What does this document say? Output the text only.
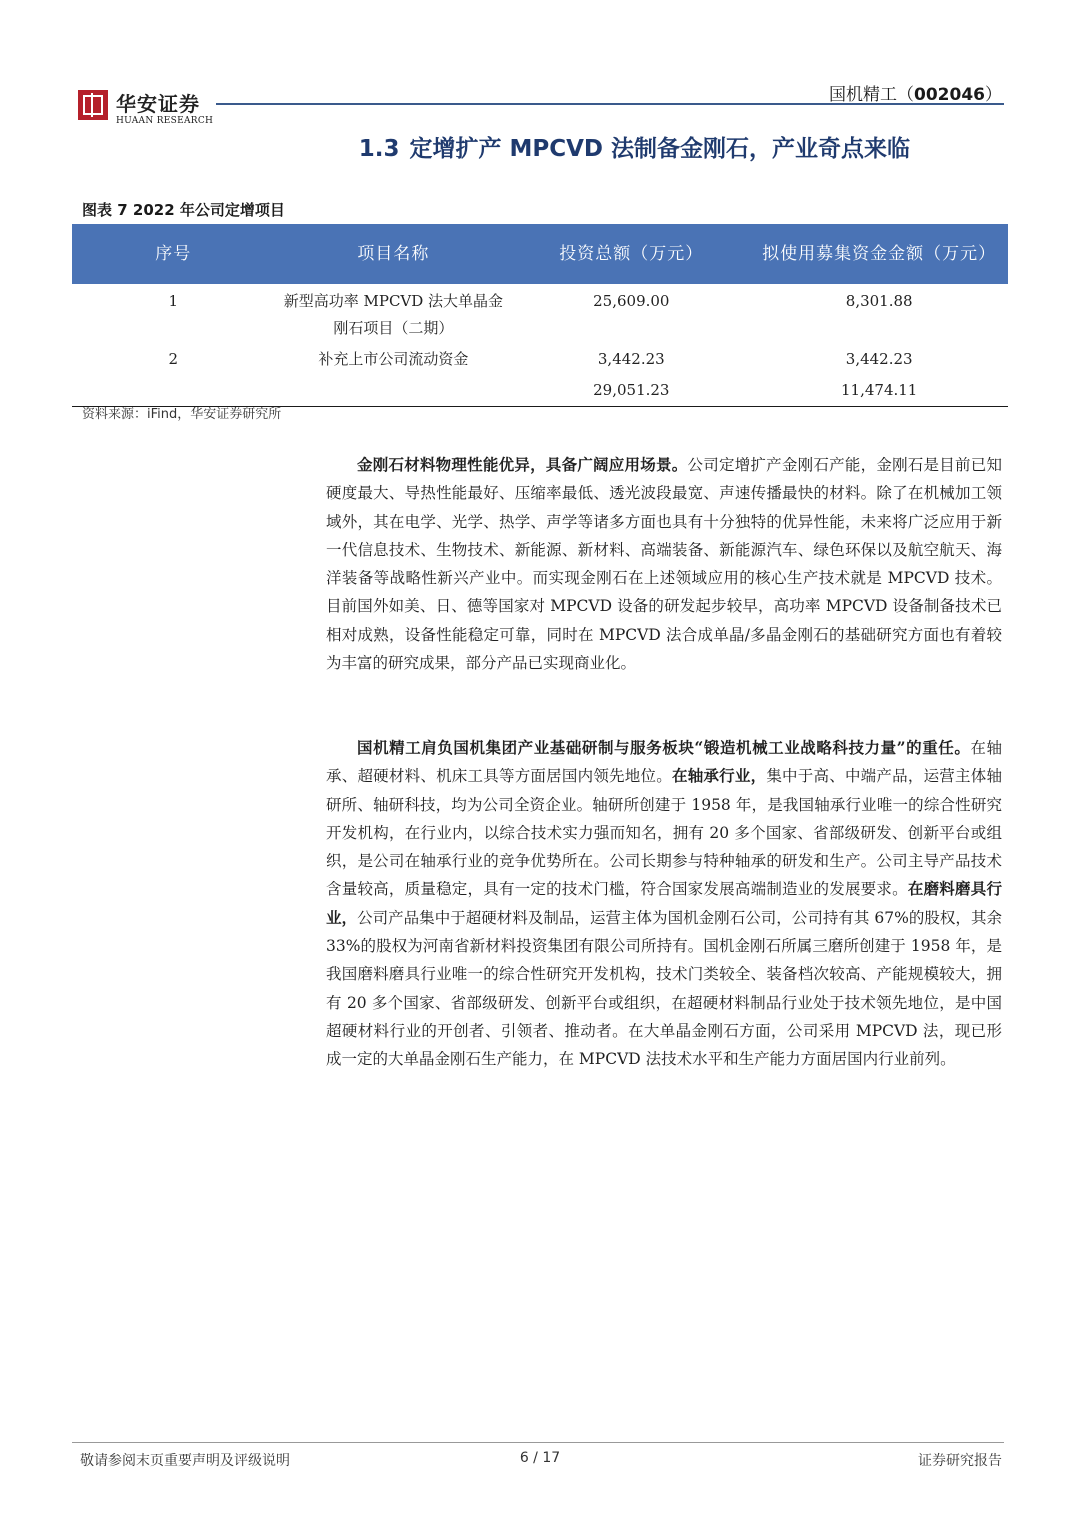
华安证券
HUAAN RESEARCH
国机精工（002046）
1.3 定增扩产 MPCVD 法制备金刚石，产业奇点来临
图表 7 2022 年公司定增项目
序号	项目名称	投资总额（万元）	拟使用募集资金金额（万元）
1	新型高功率 MPCVD 法大单晶金刚石项目（二期）	25,609.00	8,301.88
2	补充上市公司流动资金	3,442.23	3,442.23
		29,051.23	11,474.11
资料来源：iFind，华安证券研究所

金刚石材料物理性能优异，具备广阔应用场景。公司定增扩产金刚石产能，金刚石是目前已知硬度最大、导热性能最好、压缩率最低、透光波段最宽、声速传播最快的材料。除了在机械加工领域外，其在电学、光学、热学、声学等诸多方面也具有十分独特的优异性能，未来将广泛应用于新一代信息技术、生物技术、新能源、新材料、高端装备、新能源汽车、绿色环保以及航空航天、海洋装备等战略性新兴产业中。而实现金刚石在上述领域应用的核心生产技术就是 MPCVD 技术。目前国外如美、日、德等国家对 MPCVD 设备的研发起步较早，高功率 MPCVD 设备制备技术已相对成熟，设备性能稳定可靠，同时在 MPCVD 法合成单晶/多晶金刚石的基础研究方面也有着较为丰富的研究成果，部分产品已实现商业化。

国机精工肩负国机集团产业基础研制与服务板块“锻造机械工业战略科技力量”的重任。在轴承、超硬材料、机床工具等方面居国内领先地位。在轴承行业，集中于高、中端产品，运营主体轴研所、轴研科技，均为公司全资企业。轴研所创建于 1958 年，是我国轴承行业唯一的综合性研究开发机构，在行业内，以综合技术实力强而知名，拥有 20 多个国家、省部级研发、创新平台或组织，是公司在轴承行业的竞争优势所在。公司长期参与特种轴承的研发和生产。公司主导产品技术含量较高，质量稳定，具有一定的技术门槛，符合国家发展高端制造业的发展要求。在磨料磨具行业，公司产品集中于超硬材料及制品，运营主体为国机金刚石公司，公司持有其 67%的股权，其余 33%的股权为河南省新材料投资集团有限公司所持有。国机金刚石所属三磨所创建于 1958 年，是我国磨料磨具行业唯一的综合性研究开发机构，技术门类较全、装备档次较高、产能规模较大，拥有 20 多个国家、省部级研发、创新平台或组织，在超硬材料制品行业处于技术领先地位，是中国超硬材料行业的开创者、引领者、推动者。在大单晶金刚石方面，公司采用 MPCVD 法，现已形成一定的大单晶金刚石生产能力，在 MPCVD 法技术水平和生产能力方面居国内行业前列。

敬请参阅末页重要声明及评级说明	6 / 17	证券研究报告
